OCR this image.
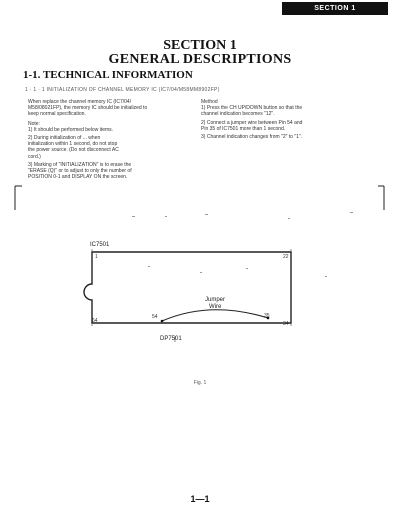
SECTION 1
SECTION 1
GENERAL DESCRIPTIONS
1-1. TECHNICAL INFORMATION
1 · 1 · 1 INITIALIZATION OF CHANNEL MEMORY IC (IC7/04/M58MM8902FP)

When replace the channel memory IC (IC7/04/
M58/08021FP), the memory IC should be initialized to
keep normal specification.

Note:
1) It should be performed below items.
2) During initialization of ... when
initialization within 1 second, do not stop
the power source. (Do not disconnect AC
cord.)
3) Marking of "INITIALIZATION" is to erase the
"ERASE (Q)" or to adjust to only the number of
POSITION 0-1 and DISPLAY ON the screen.
Method
1) Press the CH UP/DOWN button so that the
channel indication becomes "12".
2) Connect a jumper wire between Pin 54 and
Pin 35 of IC7501 more than 1 second.
3) Channel indication changes from "2" to "1".
IC7501
1	22
64
54	35
34
Jumper
Wire
DP7501
Fig. 1
1—1
